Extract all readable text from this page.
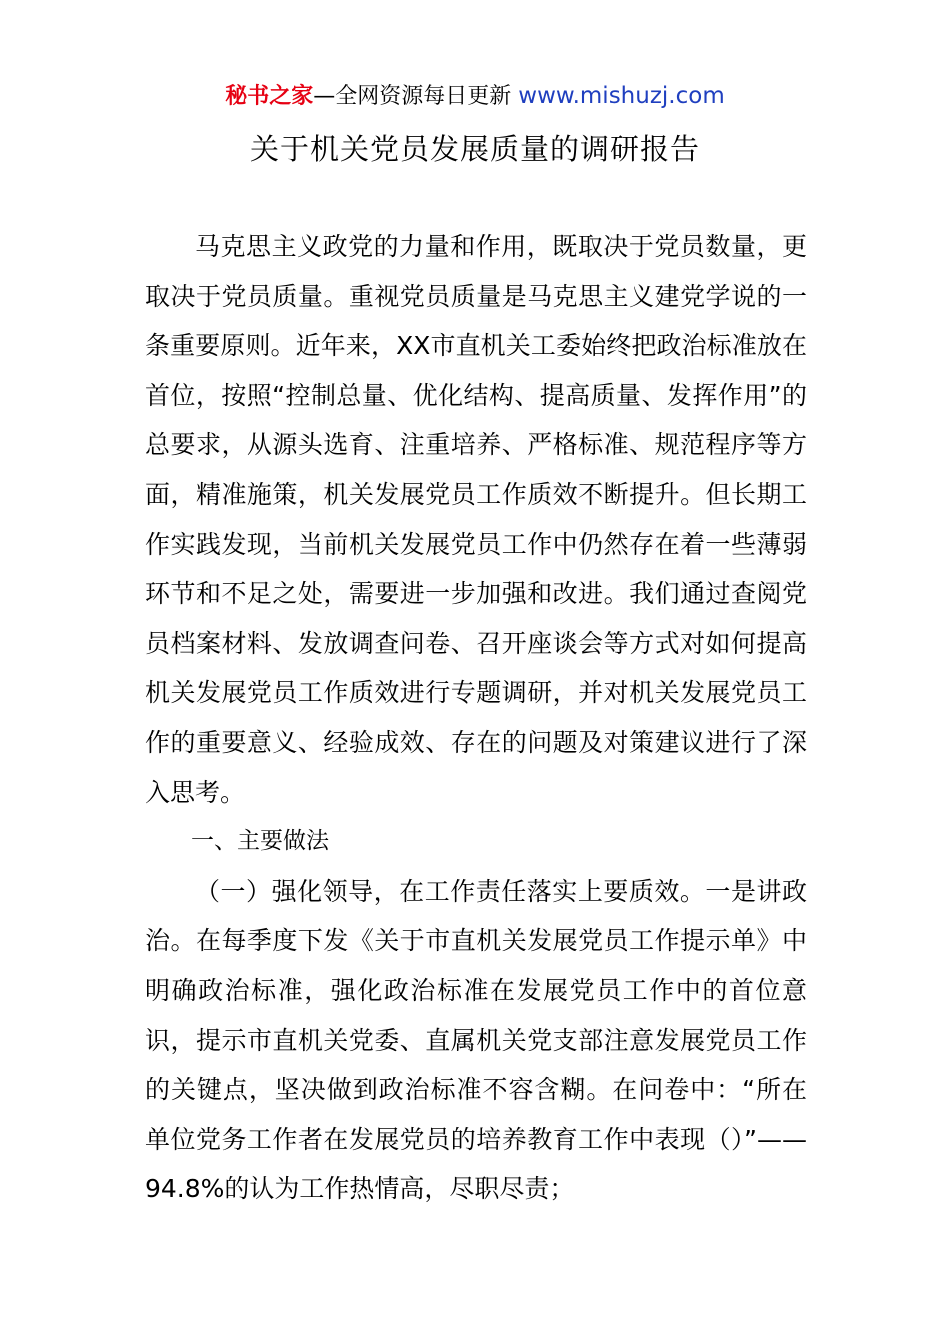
秘书之家—全网资源每日更新 www.mishuzj.com
关于机关党员发展质量的调研报告

马克思主义政党的力量和作用，既取决于党员数量，更取决于党员质量。重视党员质量是马克思主义建党学说的一条重要原则。近年来，XX市直机关工委始终把政治标准放在首位，按照“控制总量、优化结构、提高质量、发挥作用”的总要求，从源头选育、注重培养、严格标准、规范程序等方面，精准施策，机关发展党员工作质效不断提升。但长期工作实践发现，当前机关发展党员工作中仍然存在着一些薄弱环节和不足之处，需要进一步加强和改进。我们通过查阅党员档案材料、发放调查问卷、召开座谈会等方式对如何提高机关发展党员工作质效进行专题调研，并对机关发展党员工作的重要意义、经验成效、存在的问题及对策建议进行了深入思考。

一、主要做法

（一）强化领导，在工作责任落实上要质效。一是讲政治。在每季度下发《关于市直机关发展党员工作提示单》中明确政治标准，强化政治标准在发展党员工作中的首位意识，提示市直机关党委、直属机关党支部注意发展党员工作的关键点，坚决做到政治标准不容含糊。在问卷中：“所在单位党务工作者在发展党员的培养教育工作中表现（）”——94.8%的认为工作热情高，尽职尽责；
